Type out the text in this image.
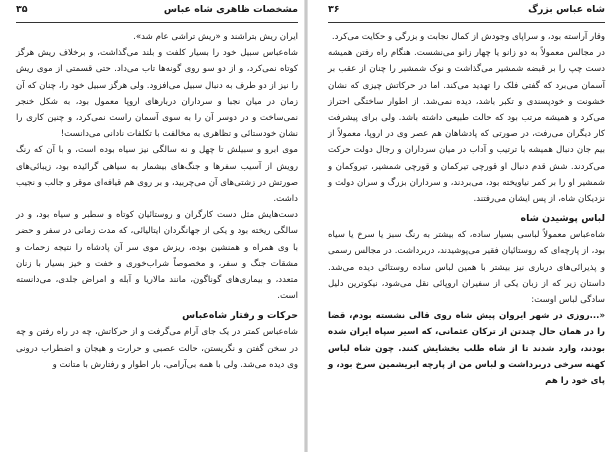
مشخصات ظاهری شاه عباس
۳۵

ایران ریش بتراشند و «ریش تراشی عام شد».

شاه‌عباس سبیل خود را بسیار کلفت و بلند می‌گذاشت، و برخلاف ریش هرگز کوتاه نمی‌کرد، و از دو سو روی گونه‌ها تاب می‌داد. حتی قسمتی از موی ریش را نیز از دو طرف به دنبال سبیل می‌افزود. ولی هرگز سبیل خود را، چنان که آن زمان در میان نجبا و سرداران دربارهای اروپا معمول بود، به شکل خنجر نمی‌ساخت و در دوسر آن را به سوی آسمان راست نمی‌کرد، و چنین کاری را نشان خودستائی و تظاهری به مخالفت با تکلفات نادانی می‌دانست!

موی ابرو و سبیلش تا چهل و نه سالگی نیز سیاه بوده است، و با آن که رنگ رویش از آسیب سفرها و جنگ‌های بیشمار به سیاهی گرائیده بود، زیبائی‌های صورتش در زشتی‌های آن می‌چربید، و بر روی هم قیافه‌ای موقر و جالب و نجیب داشت.

دست‌هایش مثل دست کارگران و روستائیان کوتاه و سطبر و سیاه بود، و در سالگی ریخته بود و یکی از جهانگردان ایتالیائی، که مدت زمانی در سفر و حضر با وی همراه و همنشین بوده، ریزش موی سر آن پادشاه را نتیجه زحمات و مشقات جنگ و سفر، و مخصوصاً شراب‌خوری و خفت و خیز بسیار با زنان متعدد، و بیماری‌های گوناگون، مانند مالاریا و آبله و امراض جلدی، می‌دانسته است.

حرکات و رفتار شاه‌عباس

شاه‌عباس کمتر در یک جای آرام می‌گرفت و از حرکاتش، چه در راه رفتن و چه در سخن گفتن و نگریستن، حالت عصبی و حرارت و هیجان و اضطراب درونی وی دیده می‌شد. ولی با همه بی‌آرامی، بار اطوار و رفتارش با متانت و

شاه عباس بزرگ
۳۶

وقار آراسته بود، و سراپای وجودش از کمال نجابت و بزرگی و حکایت می‌کرد.

در مجالس معمولاً به دو زانو یا چهار زانو می‌نشست. هنگام راه رفتن همیشه دست چپ را بر قبضه شمشیر می‌گذاشت و نوک شمشیر را چنان از عقب بر آسمان می‌برد که گفتی فلک را تهدید می‌کند. اما در حرکاتش چیزی که نشان خشونت و خودپسندی و تکبر باشد، دیده نمی‌شد. از اطوار ساختگی احتراز می‌کرد و همیشه مرتب بود که حالت طبیعی داشته باشد. ولی برای پیشرفت کار دیگران می‌رفت، در صورتی که پادشاهان هم عصر وی در اروپا، معمولاً از بیم جان دنبال همیشه با ترتیب و آداب در میان سرداران و رجال دولت حرکت می‌کردند. شش قدم دنبال او قورچی تیرکمان و قورچی شمشیر، تیروکمان و شمشیر او را بر کمر نیاویخته بود، می‌بردند، و سرداران بزرگ و سران دولت و نزدیکان شاه، از پس ایشان می‌رفتند.

لباس پوشیدن شاه

شاه‌عباس معمولاً لباسی بسیار ساده، که بیشتر به رنگ سبز یا سرخ یا سیاه بود، از پارچه‌ای که روستائیان فقیر می‌پوشیدند، دربرداشت. در مجالس رسمی و پذیرائی‌های درباری نیز بیشتر با همین لباس ساده روستائی دیده می‌شد. داستان زیر که از زبان یکی از سفیران اروپائی نقل می‌شود، نیکوترین دلیل سادگی لباس اوست:

«...روزی در شهر ایروان پیش شاه روی قالی نشسته بودم، قضا را در همان حال چندتن از ترکان عثمانی، که اسیر سپاه ایران شده بودند، وارد شدند تا از شاه طلب بخشایش کنند. چون شاه لباس کهنه سرخی دربرداشت و لباس من از پارچه ابریشمین سرخ بود، و پای خود را هم
